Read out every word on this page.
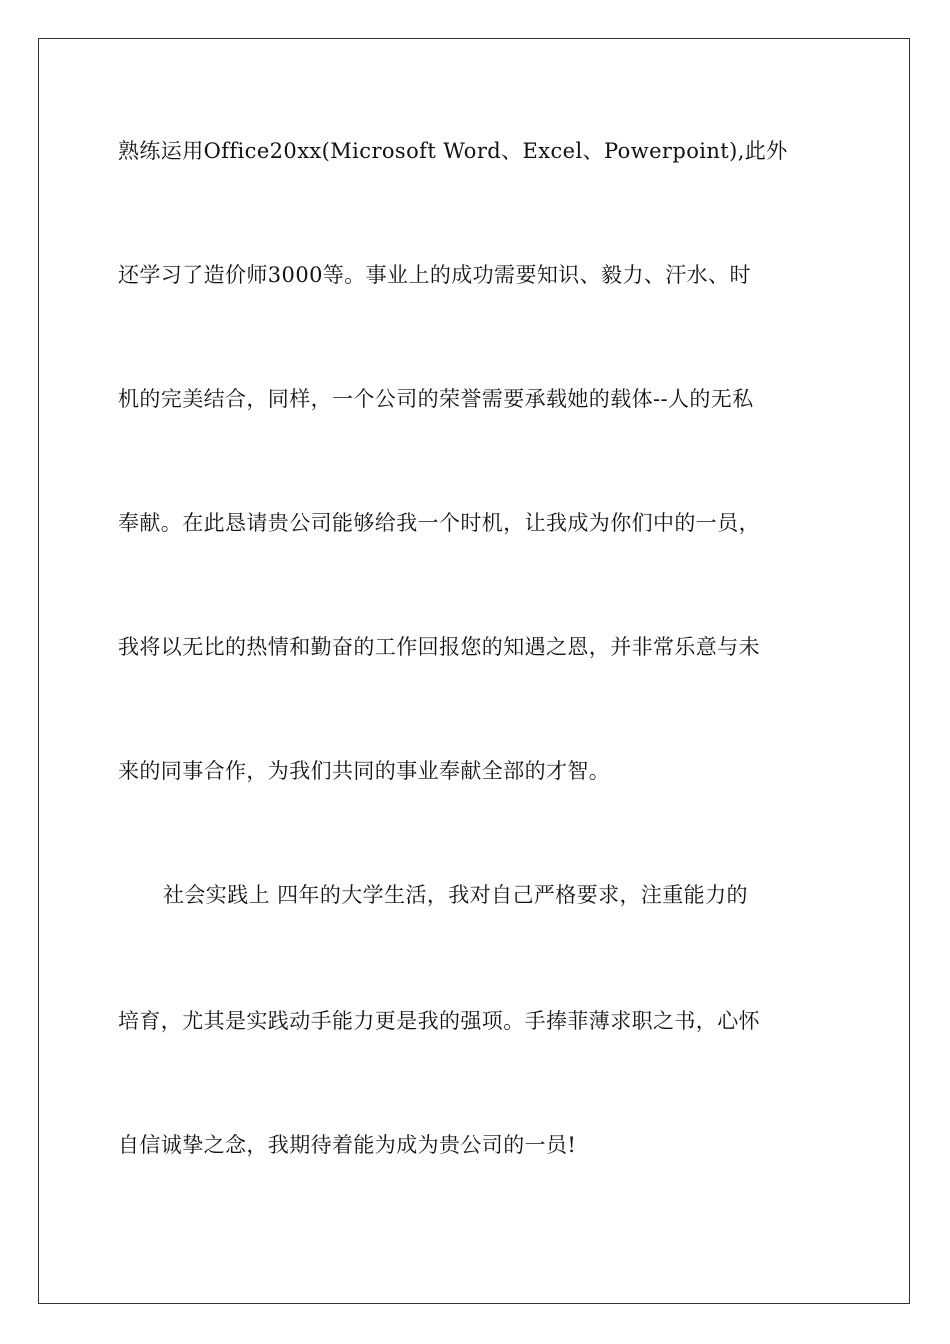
熟练运用Office20xx(Microsoft Word、Excel、Powerpoint),此外
还学习了造价师3000等。事业上的成功需要知识、毅力、汗水、时
机的完美结合，同样，一个公司的荣誉需要承载她的载体--人的无私
奉献。在此恳请贵公司能够给我一个时机，让我成为你们中的一员，
我将以无比的热情和勤奋的工作回报您的知遇之恩，并非常乐意与未
来的同事合作，为我们共同的事业奉献全部的才智。
社会实践上 四年的大学生活，我对自己严格要求，注重能力的
培育，尤其是实践动手能力更是我的强项。手捧菲薄求职之书，心怀
自信诚挚之念，我期待着能为成为贵公司的一员!
